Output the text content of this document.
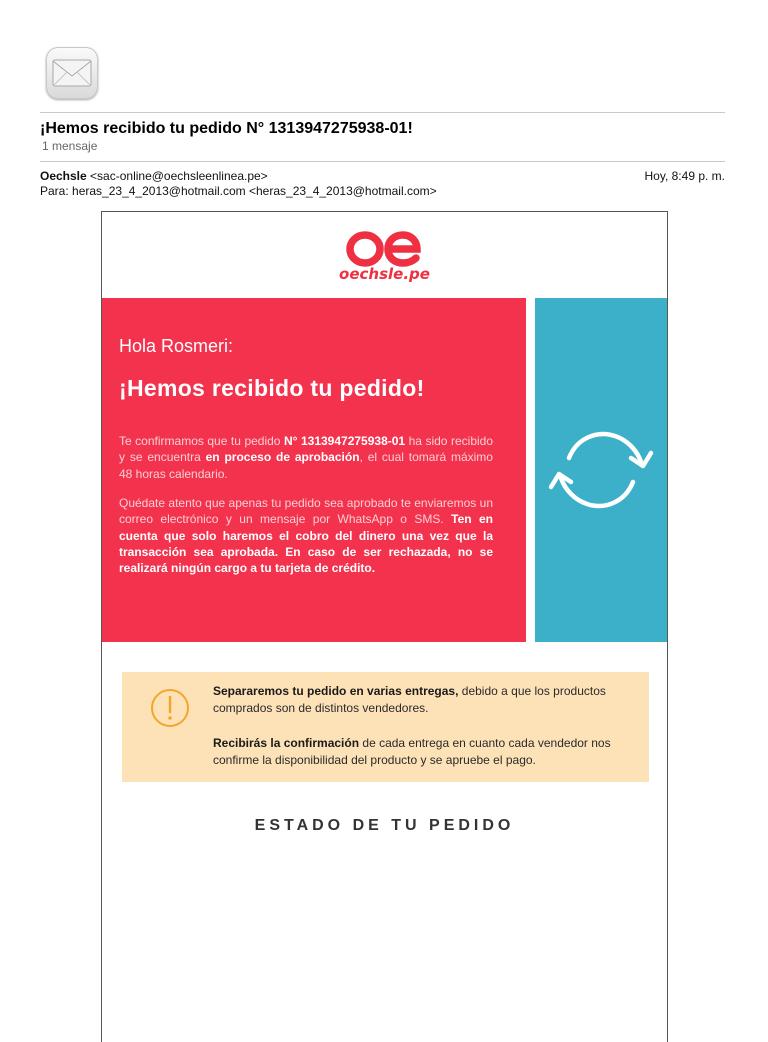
¡Hemos recibido tu pedido N° 1313947275938-01!
1 mensaje
Oechsle <sac-online@oechsleenlinea.pe>	Hoy, 8:49 p. m.
Para: heras_23_4_2013@hotmail.com <heras_23_4_2013@hotmail.com>
oechsle.pe
Hola Rosmeri:
¡Hemos recibido tu pedido!
Te confirmamos que tu pedido N° 1313947275938-01 ha sido recibido y se encuentra en proceso de aprobación, el cual tomará máximo 48 horas calendario.
Quédate atento que apenas tu pedido sea aprobado te enviaremos un correo electrónico y un mensaje por WhatsApp o SMS. Ten en cuenta que solo haremos el cobro del dinero una vez que la transacción sea aprobada. En caso de ser rechazada, no se realizará ningún cargo a tu tarjeta de crédito.
Separaremos tu pedido en varias entregas, debido a que los productos comprados son de distintos vendedores.
Recibirás la confirmación de cada entrega en cuanto cada vendedor nos confirme la disponibilidad del producto y se apruebe el pago.
ESTADO DE TU PEDIDO
